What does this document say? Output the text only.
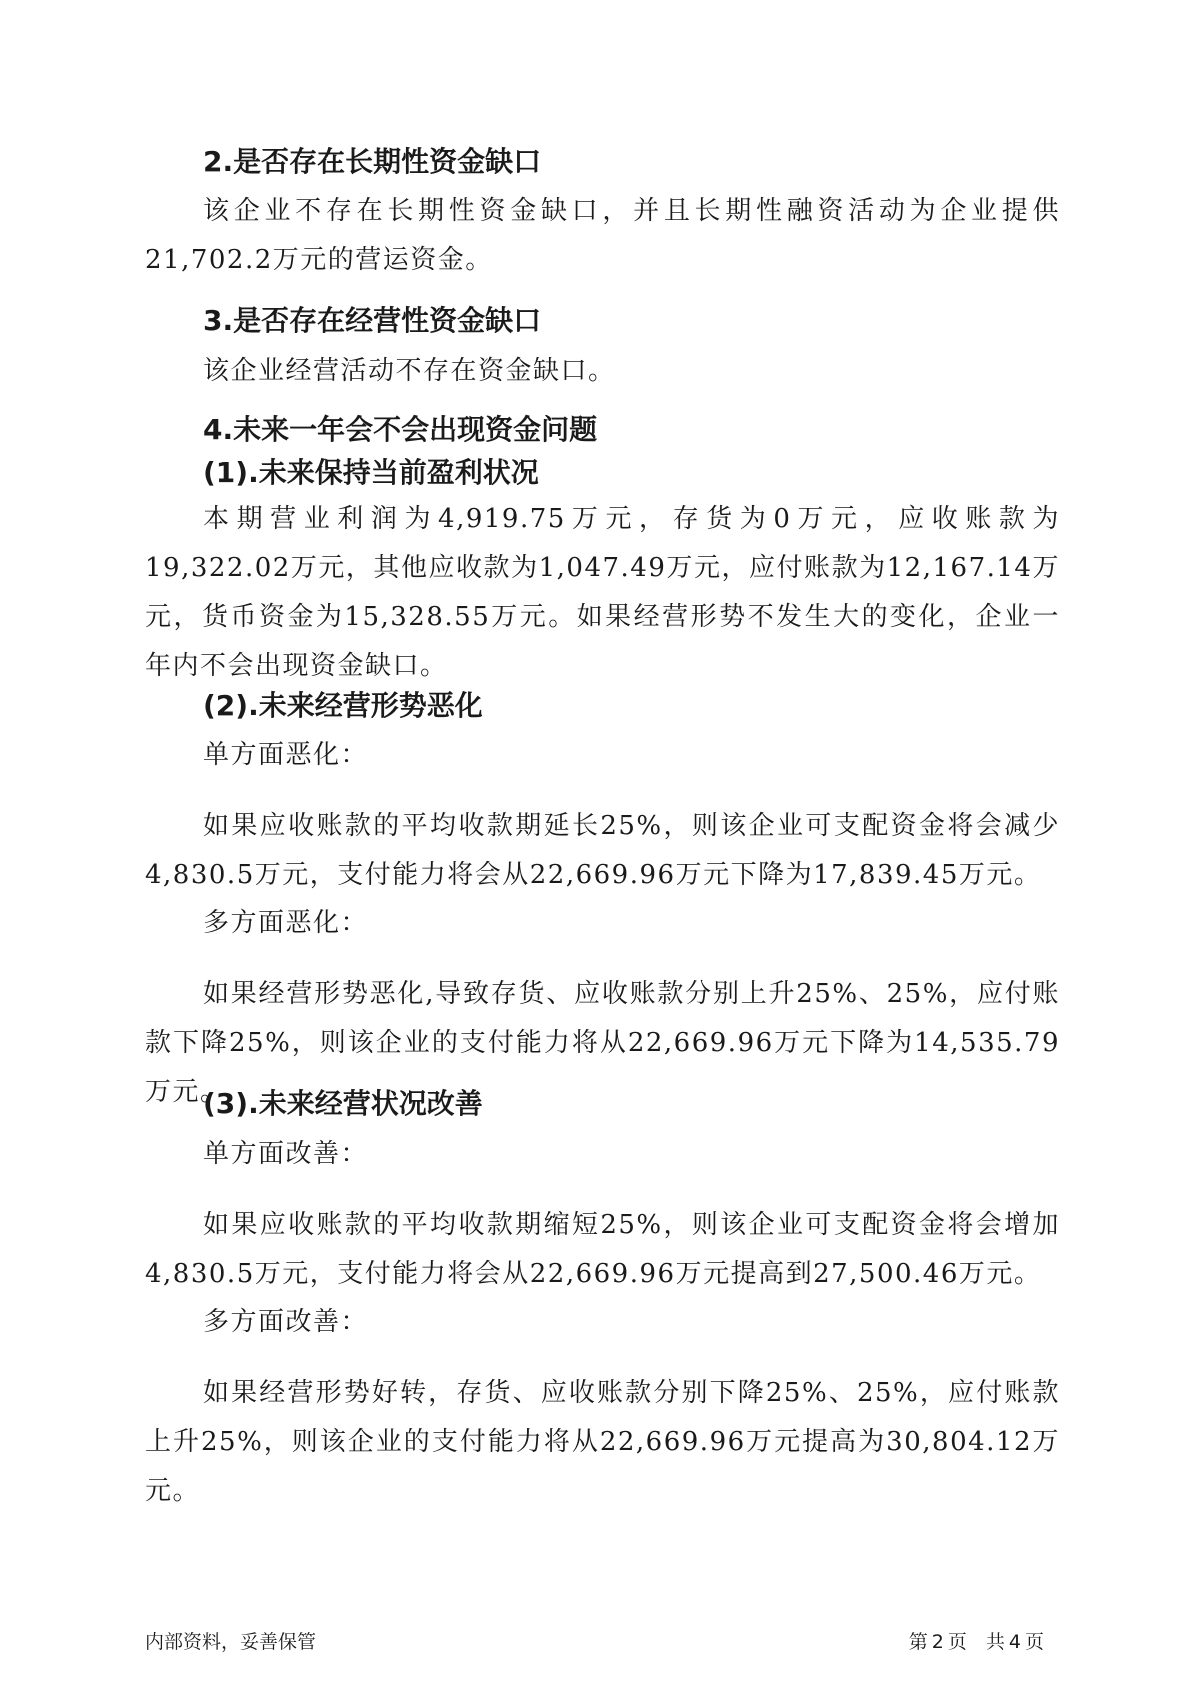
2.是否存在长期性资金缺口
该企业不存在长期性资金缺口，并且长期性融资活动为企业提供21,702.2万元的营运资金。
3.是否存在经营性资金缺口
该企业经营活动不存在资金缺口。
4.未来一年会不会出现资金问题
(1).未来保持当前盈利状况
本期营业利润为4,919.75万元，存货为0万元，应收账款为19,322.02万元，其他应收款为1,047.49万元，应付账款为12,167.14万元，货币资金为15,328.55万元。如果经营形势不发生大的变化，企业一年内不会出现资金缺口。
(2).未来经营形势恶化
单方面恶化：
如果应收账款的平均收款期延长25%，则该企业可支配资金将会减少4,830.5万元，支付能力将会从22,669.96万元下降为17,839.45万元。
多方面恶化：
如果经营形势恶化,导致存货、应收账款分别上升25%、25%，应付账款下降25%，则该企业的支付能力将从22,669.96万元下降为14,535.79万元。
(3).未来经营状况改善
单方面改善：
如果应收账款的平均收款期缩短25%，则该企业可支配资金将会增加4,830.5万元，支付能力将会从22,669.96万元提高到27,500.46万元。
多方面改善：
如果经营形势好转，存货、应收账款分别下降25%、25%，应付账款上升25%，则该企业的支付能力将从22,669.96万元提高为30,804.12万元。
内部资料，妥善保管	第 2 页　共 4 页
